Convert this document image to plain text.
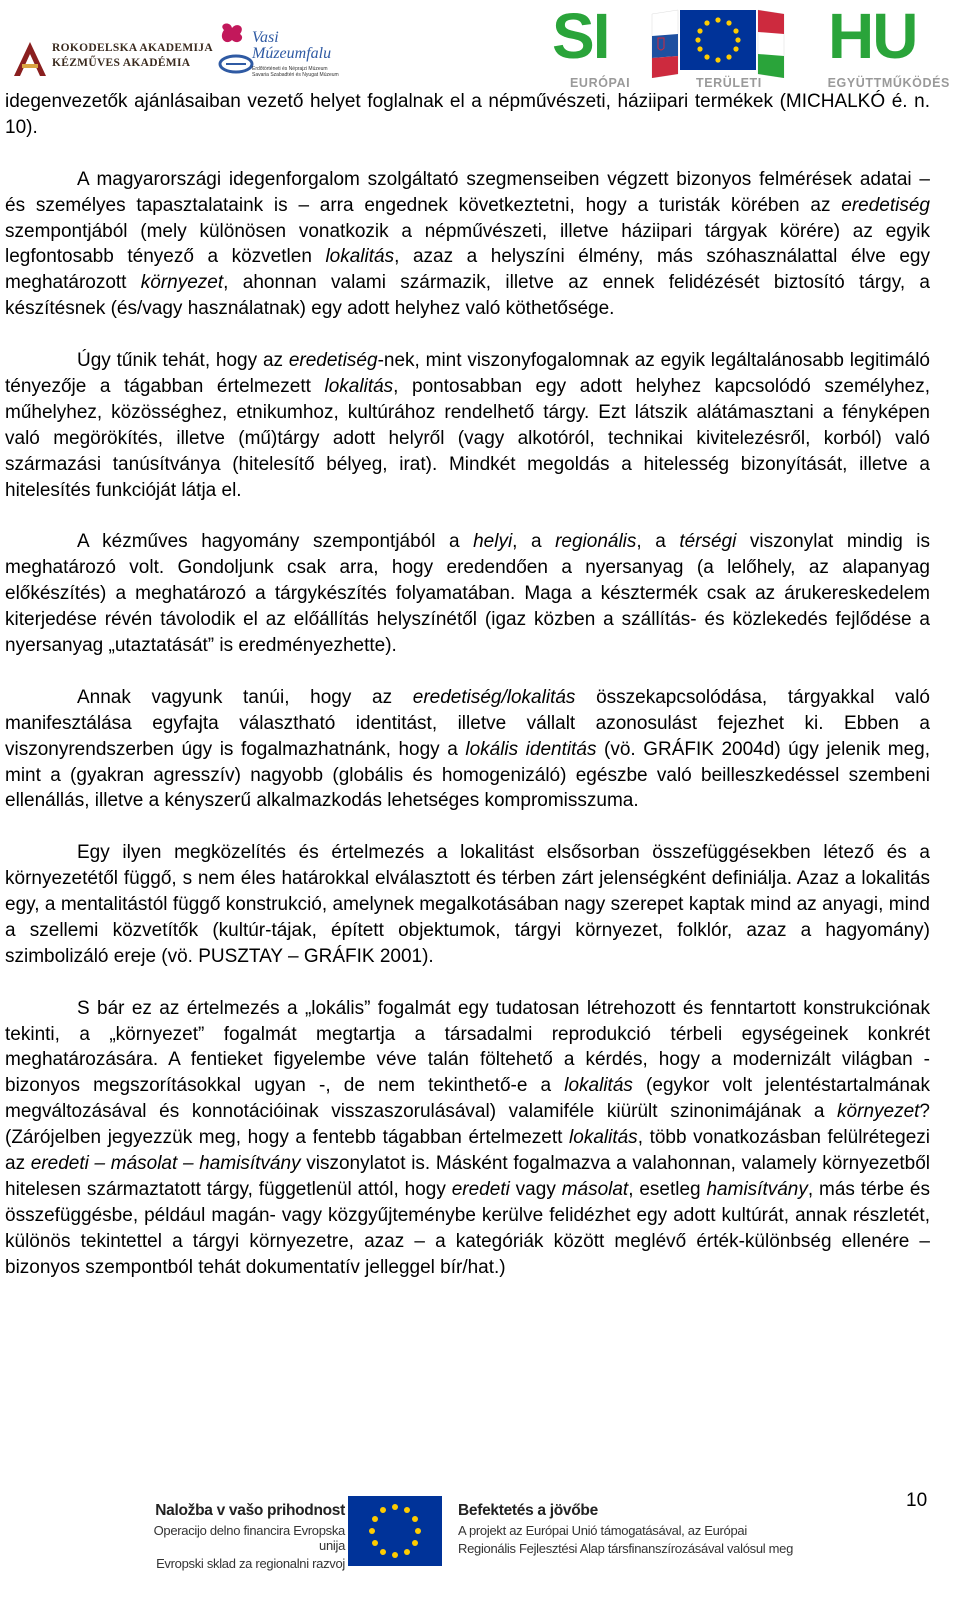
ROKODELSKA AKADEMIJA
KÉZMŰVES AKADÉMIA
Vasi
Múzeumfalu
Erdőtörténeti és Néprajzi Múzeum Savaria Szabadtéri és Nyugat Múzeum
SI	HU
EURÓPAI	TERÜLETI	EGYÜTTMŰKÖDÉS

idegenvezetők ajánlásaiban vezető helyet foglalnak el a népművészeti, háziipari termékek (MICHALKÓ é. n. 10).

A magyarországi idegenforgalom szolgáltató szegmenseiben végzett bizonyos felmérések adatai – és személyes tapasztalataink is – arra engednek következtetni, hogy a turisták körében az eredetiség szempontjából (mely különösen vonatkozik a népművészeti, illetve háziipari tárgyak körére) az egyik legfontosabb tényező a közvetlen lokalitás, azaz a helyszíni élmény, más szóhasználattal élve egy meghatározott környezet, ahonnan valami származik, illetve az ennek felidézését biztosító tárgy, a készítésnek (és/vagy használatnak) egy adott helyhez való köthetősége.

Úgy tűnik tehát, hogy az eredetiség-nek, mint viszonyfogalomnak az egyik legáltalánosabb legitimáló tényezője a tágabban értelmezett lokalitás, pontosabban egy adott helyhez kapcsolódó személyhez, műhelyhez, közösséghez, etnikumhoz, kultúrához rendelhető tárgy. Ezt látszik alátámasztani a fényképen való megörökítés, illetve (mű)tárgy adott helyről (vagy alkotóról, technikai kivitelezésről, korból) való származási tanúsítványa (hitelesítő bélyeg, irat). Mindkét megoldás a hitelesség bizonyítását, illetve a hitelesítés funkcióját látja el.

A kézműves hagyomány szempontjából a helyi, a regionális, a térségi viszonylat mindig is meghatározó volt. Gondoljunk csak arra, hogy eredendően a nyersanyag (a lelőhely, az alapanyag előkészítés) a meghatározó a tárgykészítés folyamatában. Maga a késztermék csak az árukereskedelem kiterjedése révén távolodik el az előállítás helyszínétől (igaz közben a szállítás- és közlekedés fejlődése a nyersanyag „utaztatását” is eredményezhette).

Annak vagyunk tanúi, hogy az eredetiség/lokalitás összekapcsolódása, tárgyakkal való manifesztálása egyfajta választható identitást, illetve vállalt azonosulást fejezhet ki. Ebben a viszonyrendszerben úgy is fogalmazhatnánk, hogy a lokális identitás (vö. GRÁFIK 2004d) úgy jelenik meg, mint a (gyakran agresszív) nagyobb (globális és homogenizáló) egészbe való beilleszkedéssel szembeni ellenállás, illetve a kényszerű alkalmazkodás lehetséges kompromisszuma.

Egy ilyen megközelítés és értelmezés a lokalitást elsősorban összefüggésekben létező és a környezetétől függő, s nem éles határokkal elválasztott és térben zárt jelenségként definiálja. Azaz a lokalitás egy, a mentalitástól függő konstrukció, amelynek megalkotásában nagy szerepet kaptak mind az anyagi, mind a szellemi közvetítők (kultúr-tájak, épített objektumok, tárgyi környezet, folklór, azaz a hagyomány) szimbolizáló ereje (vö. PUSZTAY – GRÁFIK 2001).

S bár ez az értelmezés a „lokális” fogalmát egy tudatosan létrehozott és fenntartott konstrukciónak tekinti, a „környezet” fogalmát megtartja a társadalmi reprodukció térbeli egységeinek konkrét meghatározására. A fentieket figyelembe véve talán föltehető a kérdés, hogy a modernizált világban - bizonyos megszorításokkal ugyan -, de nem tekinthető-e a lokalitás (egykor volt jelentéstartalmának megváltozásával és konnotációinak visszaszorulásával) valamiféle kiürült szinonimájának a környezet? (Zárójelben jegyezzük meg, hogy a fentebb tágabban értelmezett lokalitás, több vonatkozásban felülrétegezi az eredeti – másolat – hamisítvány viszonylatot is. Másként fogalmazva a valahonnan, valamely környezetből hitelesen származtatott tárgy, függetlenül attól, hogy eredeti vagy másolat, esetleg hamisítvány, más térbe és összefüggésbe, például magán- vagy közgyűjteménybe kerülve felidézhet egy adott kultúrát, annak részletét, különös tekintettel a tárgyi környezetre, azaz – a kategóriák között meglévő érték-különbség ellenére – bizonyos szempontból tehát dokumentatív jelleggel bír/hat.)

10
Naložba v vašo prihodnost
Operacijo delno financira Evropska unija
Evropski sklad za regionalni razvoj
Befektetés a jövőbe
A projekt az Európai Unió támogatásával, az Európai
Regionális Fejlesztési Alap társfinanszírozásával valósul meg
